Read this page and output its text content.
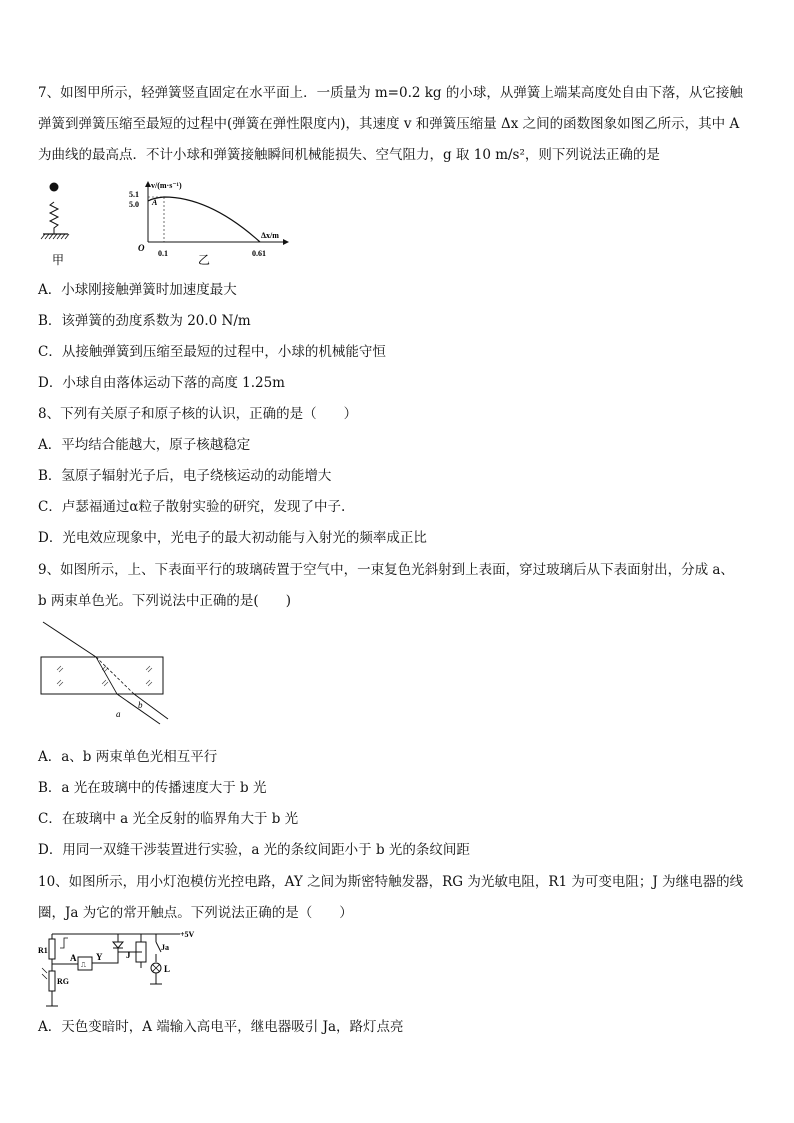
7、如图甲所示，轻弹簧竖直固定在水平面上．一质量为 m=0.2 kg 的小球，从弹簧上端某高度处自由下落，从它接触
弹簧到弹簧压缩至最短的过程中(弹簧在弹性限度内)，其速度 v 和弹簧压缩量 Δx 之间的函数图象如图乙所示，其中 A
为曲线的最高点．不计小球和弹簧接触瞬间机械能损失、空气阻力，g 取 10 m/s²，则下列说法正确的是
甲
v/(m·s⁻¹)
5.1
5.0 A
O
0.1	0.61
Δx/m
乙
A．小球刚接触弹簧时加速度最大
B．该弹簧的劲度系数为 20.0 N/m
C．从接触弹簧到压缩至最短的过程中，小球的机械能守恒
D．小球自由落体运动下落的高度 1.25m
8、下列有关原子和原子核的认识，正确的是（　　）
A．平均结合能越大，原子核越稳定
B．氢原子辐射光子后，电子绕核运动的动能增大
C．卢瑟福通过α粒子散射实验的研究，发现了中子.
D．光电效应现象中，光电子的最大初动能与入射光的频率成正比
9、如图所示，上、下表面平行的玻璃砖置于空气中，一束复色光斜射到上表面，穿过玻璃后从下表面射出，分成 a、
b 两束单色光。下列说法中正确的是(　　)
a
b
A．a、b 两束单色光相互平行
B．a 光在玻璃中的传播速度大于 b 光
C．在玻璃中 a 光全反射的临界角大于 b 光
D．用同一双缝干涉装置进行实验，a 光的条纹间距小于 b 光的条纹间距
10、如图所示，用小灯泡模仿光控电路，AY 之间为斯密特触发器，RG 为光敏电阻，R1 为可变电阻；J 为继电器的线
圈，Ja 为它的常开触点。下列说法正确的是（　　）
+5V
R1
RG
A
⎍
Y	J
Ja
L
A．天色变暗时，A 端输入高电平，继电器吸引 Ja，路灯点亮
